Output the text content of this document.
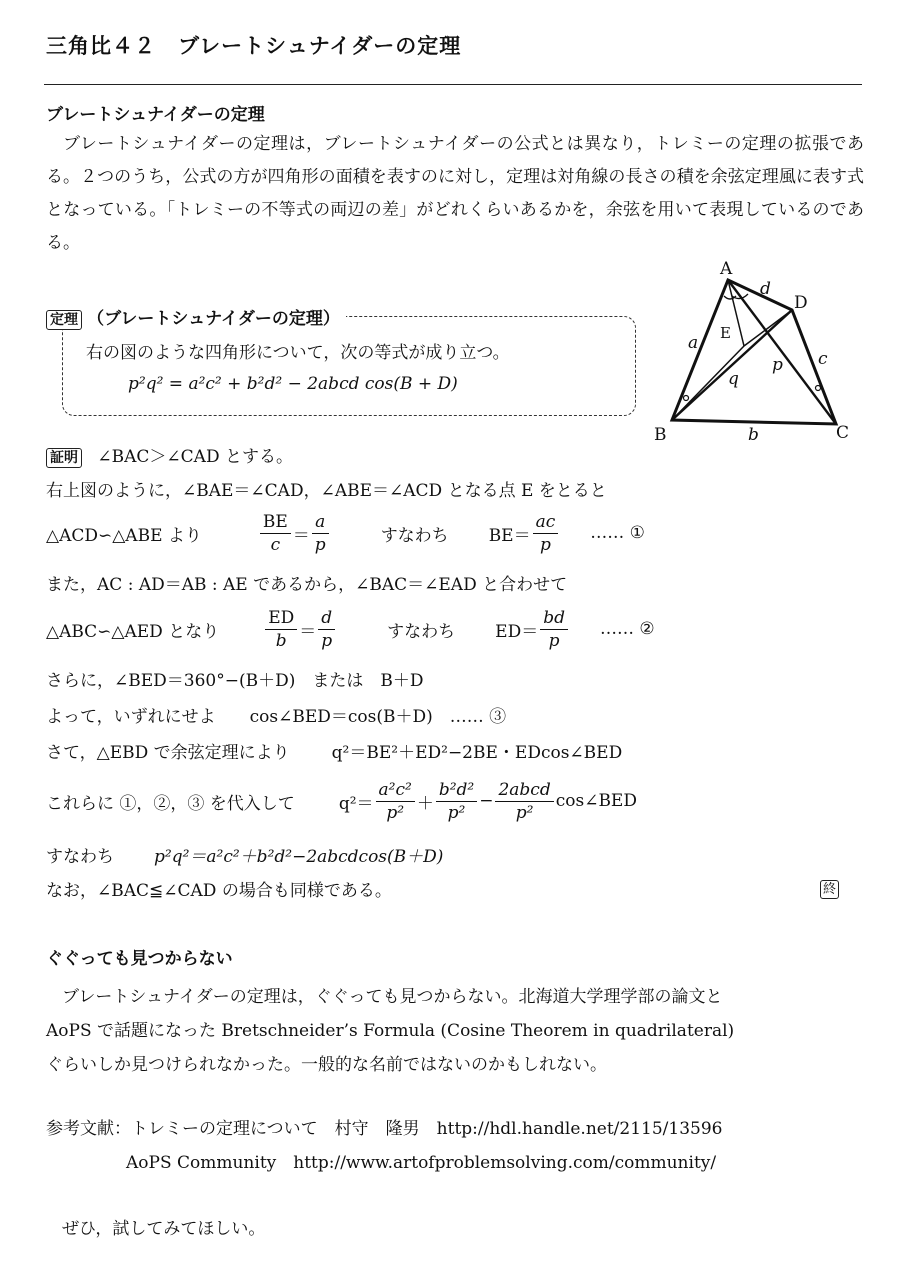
三角比４２　ブレートシュナイダーの定理
ブレートシュナイダーの定理
ブレートシュナイダーの定理は，ブレートシュナイダーの公式とは異なり，トレミーの定理の拡張である。２つのうち，公式の方が四角形の面積を表すのに対し，定理は対角線の長さの積を余弦定理風に表す式となっている。「トレミーの不等式の両辺の差」がどれくらいあるかを，余弦を用いて表現しているのである。
定理 （ブレートシュナイダーの定理）
右の図のような四角形について，次の等式が成り立つ。
p²q² = a²c² + b²d² − 2abcd cos(B + D)
A
D
B	C
E
a
b
c
d
p
q
証明 ∠BAC＞∠CAD とする。
右上図のように，∠BAE＝∠CAD，∠ABE＝∠ACD となる点 E をとると
△ACD∽△ABE より	$\frac{BE}{c} = \frac{a}{p}$	すなわち $BE= \frac{ac}{p}$ …… ①
また，AC : AD＝AB : AE であるから，∠BAC＝∠EAD と合わせて
△ABC∽△AED となり	$\frac{ED}{b} = \frac{d}{p}$	すなわち $ED= \frac{bd}{p}$ …… ②
さらに，∠BED＝360°−(B＋D)　または　B＋D
よって，いずれにせよ　　cos∠BED＝cos(B＋D)　…… ③
さて，△EBD で余弦定理により q²＝BE²＋ED²−2BE・EDcos∠BED
これらに ①，②，③ を代入して	$q^2= \frac{\text{a²c²}}{\text{p²}} + \frac{\text{b²d²}}{\text{p²}} - \frac{\text{2abcd}}{\text{p²}}$ cos∠BED
すなわち p²q²＝a²c²＋b²d²−2abcdcos(B＋D)
なお，∠BAC≦∠CAD の場合も同様である。	終
ぐぐっても見つからない
ブレートシュナイダーの定理は，ぐぐっても見つからない。北海道大学理学部の論文と
AoPS で話題になった Bretschneider’s Formula (Cosine Theorem in quadrilateral)
ぐらいしか見つけられなかった。一般的な名前ではないのかもしれない。
参考文献：トレミーの定理について　村守　隆男　http://hdl.handle.net/2115/13596
AoPS Community　http://www.artofproblemsolving.com/community/
ぜひ，試してみてほしい。
